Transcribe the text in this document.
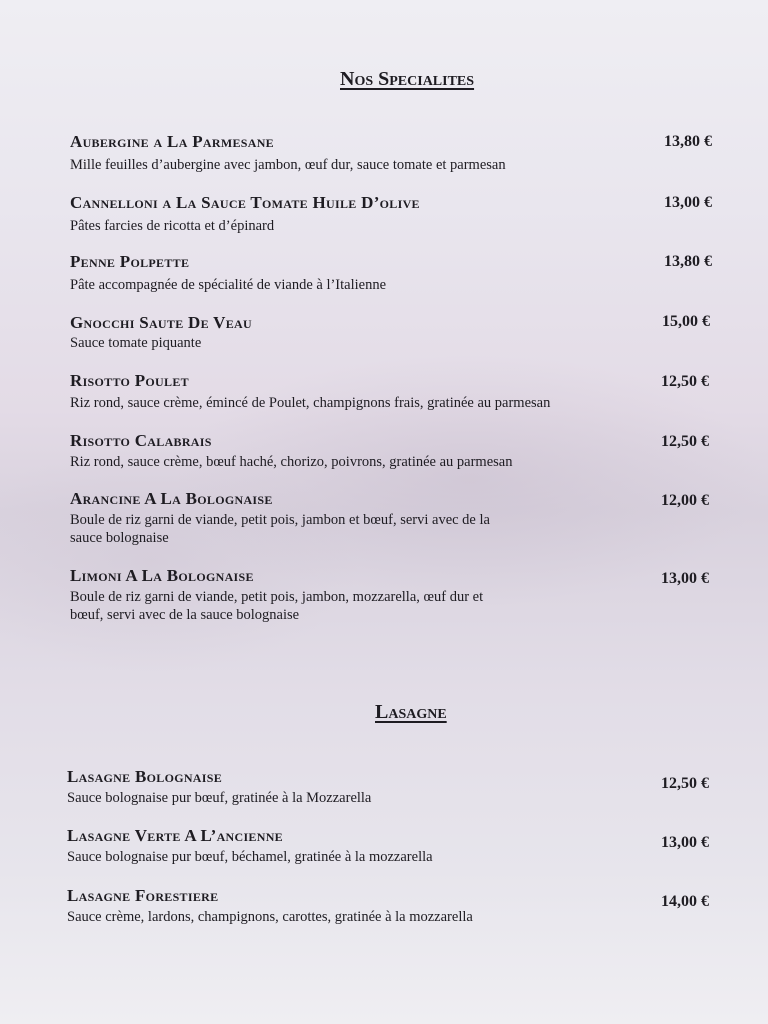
Nos Specialites
Aubergine a La Parmesane
Mille feuilles d’aubergine avec jambon, œuf dur, sauce tomate et parmesan
13,80 €
Cannelloni a La Sauce Tomate Huile D’olive
Pâtes farcies de ricotta et d’épinard
13,00 €
Penne Polpette
Pâte accompagnée de spécialité de viande à l’Italienne
13,80 €
Gnocchi Saute De Veau
Sauce tomate piquante
15,00 €
Risotto Poulet
Riz rond, sauce crème, émincé de Poulet, champignons frais, gratinée au parmesan
12,50 €
Risotto Calabrais
Riz rond, sauce crème, bœuf haché, chorizo, poivrons, gratinée au parmesan
12,50 €
Arancine A La Bolognaise
Boule de riz garni de viande, petit pois, jambon et bœuf, servi avec de la
sauce bolognaise
12,00 €
Limoni A La Bolognaise
Boule de riz garni de viande, petit pois, jambon, mozzarella, œuf dur et
bœuf, servi avec de la sauce bolognaise
13,00 €
Lasagne
Lasagne Bolognaise
Sauce bolognaise pur bœuf, gratinée à la Mozzarella
12,50 €
Lasagne Verte A L’ancienne
Sauce bolognaise pur bœuf, béchamel, gratinée à la mozzarella
13,00 €
Lasagne Forestiere
Sauce crème, lardons, champignons, carottes, gratinée à la mozzarella
14,00 €
